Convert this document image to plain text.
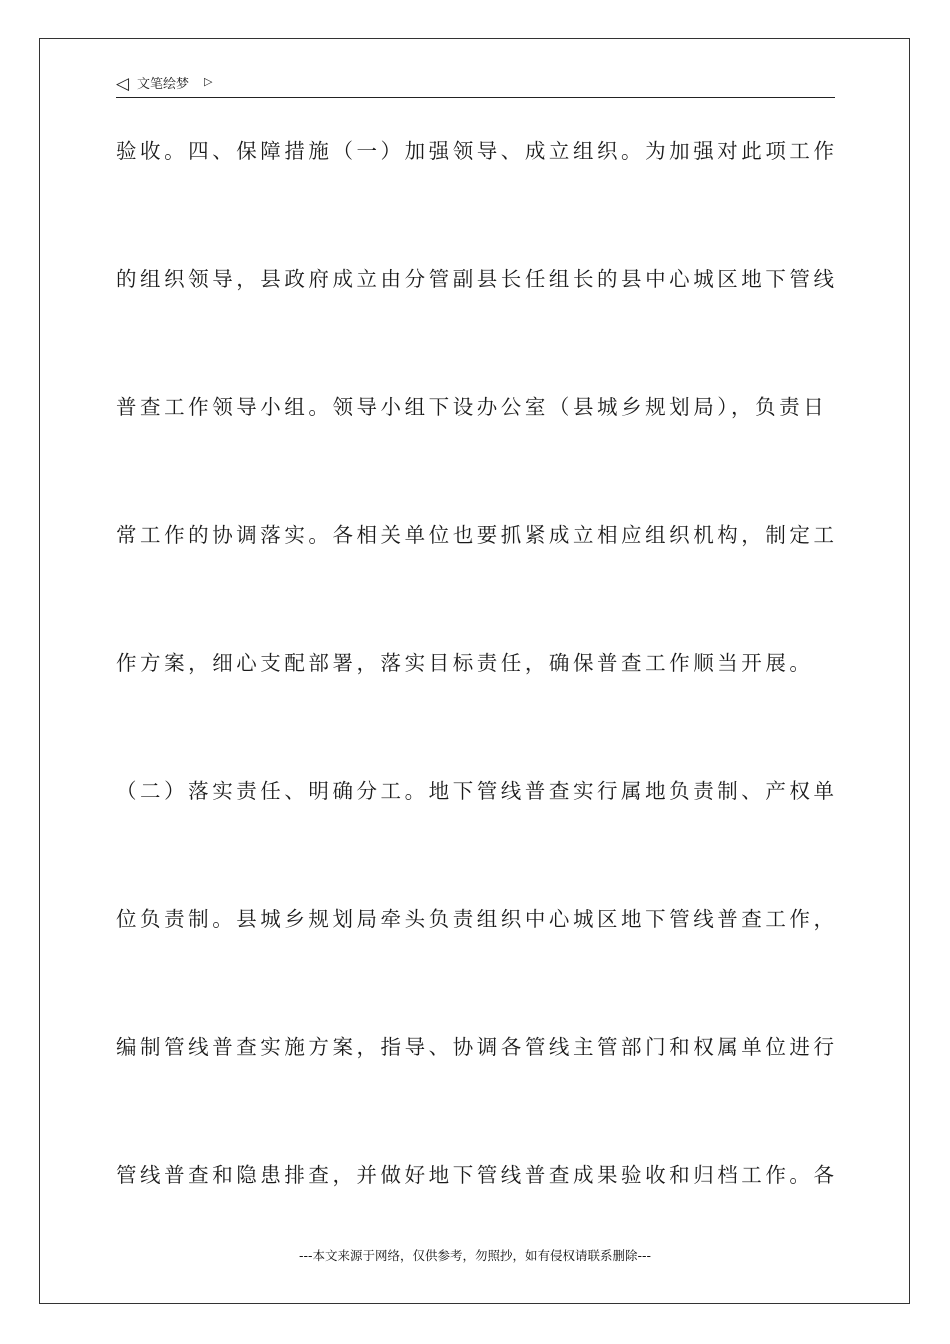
◁ 文笔绘梦 ▷
验收。四、保障措施（一）加强领导、成立组织。为加强对此项工作
的组织领导，县政府成立由分管副县长任组长的县中心城区地下管线
普查工作领导小组。领导小组下设办公室（县城乡规划局），负责日
常工作的协调落实。各相关单位也要抓紧成立相应组织机构，制定工
作方案，细心支配部署，落实目标责任，确保普查工作顺当开展。
（二）落实责任、明确分工。地下管线普查实行属地负责制、产权单
位负责制。县城乡规划局牵头负责组织中心城区地下管线普查工作，
编制管线普查实施方案，指导、协调各管线主管部门和权属单位进行
管线普查和隐患排查，并做好地下管线普查成果验收和归档工作。各
---本文来源于网络，仅供参考，勿照抄，如有侵权请联系删除---
